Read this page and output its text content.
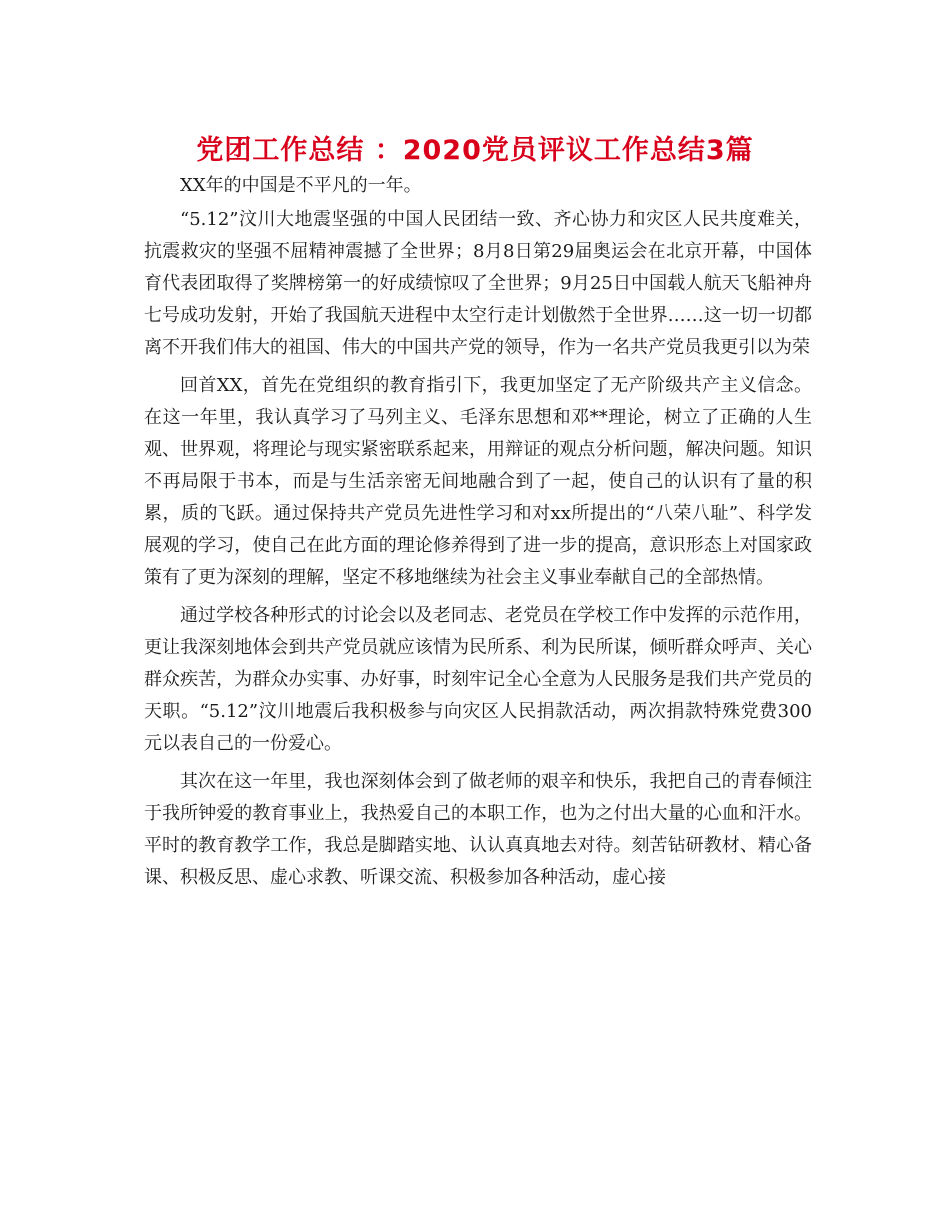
党团工作总结 ：2020党员评议工作总结3篇

XX年的中国是不平凡的一年。

“5.12”汶川大地震坚强的中国人民团结一致、齐心协力和灾区人民共度难关，抗震救灾的坚强不屈精神震撼了全世界；8月8日第29届奥运会在北京开幕，中国体育代表团取得了奖牌榜第一的好成绩惊叹了全世界；9月25日中国载人航天飞船神舟七号成功发射，开始了我国航天进程中太空行走计划傲然于全世界……这一切一切都离不开我们伟大的祖国、伟大的中国共产党的领导，作为一名共产党员我更引以为荣

回首XX，首先在党组织的教育指引下，我更加坚定了无产阶级共产主义信念。在这一年里，我认真学习了马列主义、毛泽东思想和邓**理论，树立了正确的人生观、世界观，将理论与现实紧密联系起来，用辩证的观点分析问题，解决问题。知识不再局限于书本，而是与生活亲密无间地融合到了一起，使自己的认识有了量的积累，质的飞跃。通过保持共产党员先进性学习和对xx所提出的“八荣八耻”、科学发展观的学习，使自己在此方面的理论修养得到了进一步的提高，意识形态上对国家政策有了更为深刻的理解，坚定不移地继续为社会主义事业奉献自己的全部热情。

通过学校各种形式的讨论会以及老同志、老党员在学校工作中发挥的示范作用，更让我深刻地体会到共产党员就应该情为民所系、利为民所谋，倾听群众呼声、关心群众疾苦，为群众办实事、办好事，时刻牢记全心全意为人民服务是我们共产党员的天职。“5.12”汶川地震后我积极参与向灾区人民捐款活动，两次捐款特殊党费300元以表自己的一份爱心。

其次在这一年里，我也深刻体会到了做老师的艰辛和快乐，我把自己的青春倾注于我所钟爱的教育事业上，我热爱自己的本职工作，也为之付出大量的心血和汗水。平时的教育教学工作，我总是脚踏实地、认认真真地去对待。刻苦钻研教材、精心备课、积极反思、虚心求教、听课交流、积极参加各种活动，虚心接
